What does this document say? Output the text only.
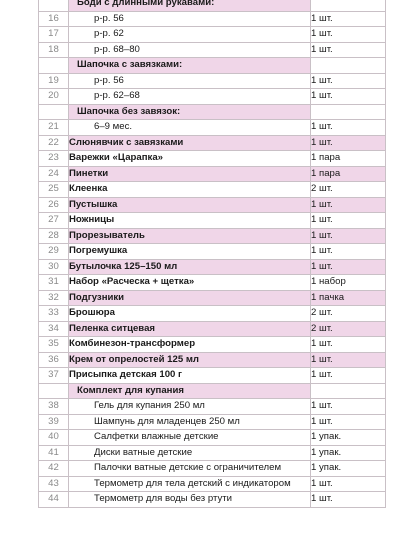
	Боди с длинными рукавами:	
16	р-р. 56	1 шт.
17	р-р. 62	1 шт.
18	р-р. 68–80	1 шт.
	Шапочка с завязками:	
19	р-р. 56	1 шт.
20	р-р. 62–68	1 шт.
	Шапочка без завязок:	
21	6–9 мес.	1 шт.
22	Слюнявчик с завязками	1 шт.
23	Варежки «Царапка»	1 пара
24	Пинетки	1 пара
25	Клеенка	2 шт.
26	Пустышка	1 шт.
27	Ножницы	1 шт.
28	Прорезыватель	1 шт.
29	Погремушка	1 шт.
30	Бутылочка 125–150 мл	1 шт.
31	Набор «Расческа + щетка»	1 набор
32	Подгузники	1 пачка
33	Брошюра	2 шт.
34	Пеленка ситцевая	2 шт.
35	Комбинезон-трансформер	1 шт.
36	Крем от опрелостей 125 мл	1 шт.
37	Присыпка детская 100 г	1 шт.
	Комплект для купания	
38	Гель для купания 250 мл	1 шт.
39	Шампунь для младенцев 250 мл	1 шт.
40	Салфетки влажные детские	1 упак.
41	Диски ватные детские	1 упак.
42	Палочки ватные детские с ограничителем	1 упак.
43	Термометр для тела детский с индикатором	1 шт.
44	Термометр для воды без ртути	1 шт.
